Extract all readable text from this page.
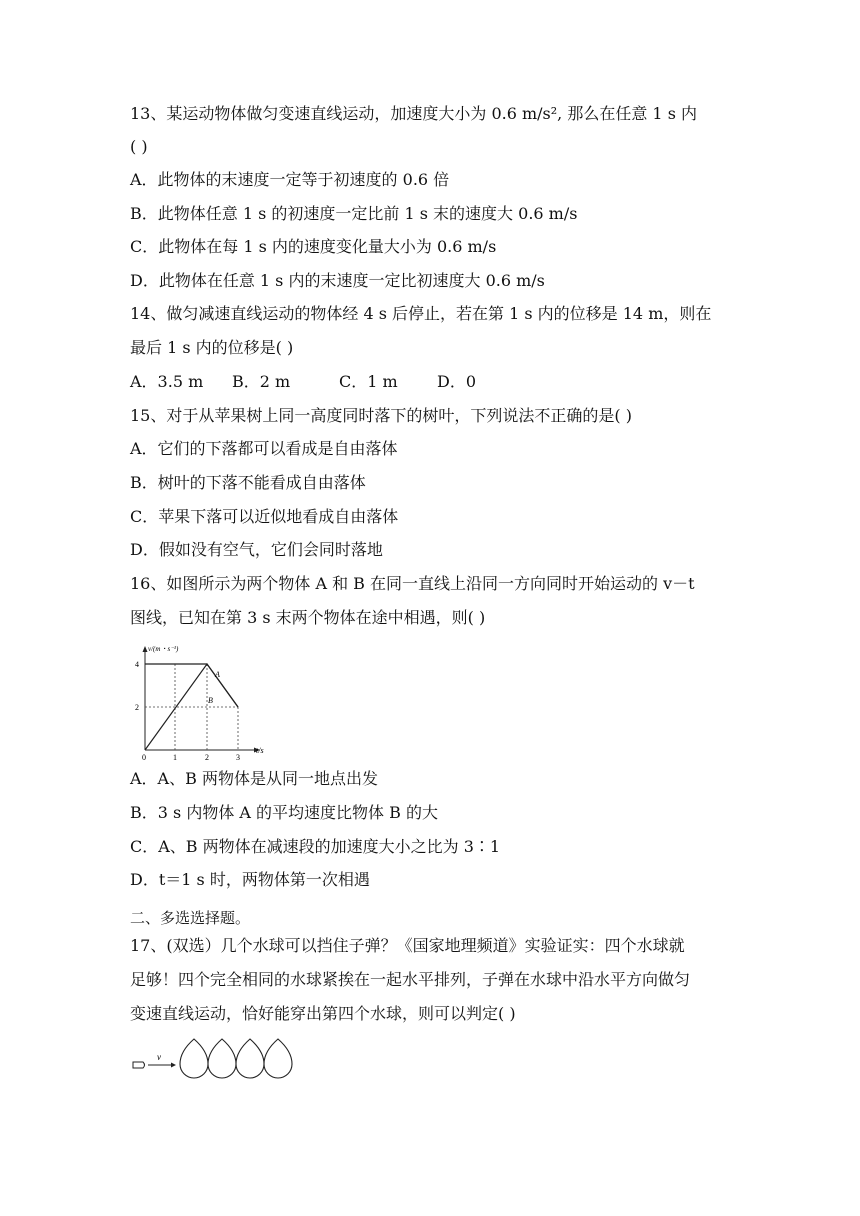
13、某运动物体做匀变速直线运动，加速度大小为 0.6 m/s², 那么在任意 1 s 内
( )
A．此物体的末速度一定等于初速度的 0.6 倍
B．此物体任意 1 s 的初速度一定比前 1 s 末的速度大 0.6 m/s
C．此物体在每 1 s 内的速度变化量大小为 0.6 m/s
D．此物体在任意 1 s 内的末速度一定比初速度大 0.6 m/s
14、做匀减速直线运动的物体经 4 s 后停止，若在第 1 s 内的位移是 14 m，则在
最后 1 s 内的位移是( )
A．3.5 m B．2 m	C．1 m D．0
15、对于从苹果树上同一高度同时落下的树叶，下列说法不正确的是( )
A．它们的下落都可以看成是自由落体
B．树叶的下落不能看成自由落体
C．苹果下落可以近似地看成自由落体
D．假如没有空气，它们会同时落地
16、如图所示为两个物体 A 和 B 在同一直线上沿同一方向同时开始运动的 v－t
图线，已知在第 3 s 末两个物体在途中相遇，则( )
v/(m・s⁻¹)
t/s
0	1	2	3
4
2
A
B
A．A、B 两物体是从同一地点出发
B．3 s 内物体 A 的平均速度比物体 B 的大
C．A、B 两物体在减速段的加速度大小之比为 3∶1
D．t＝1 s 时，两物体第一次相遇
二、多选选择题。
17、(双选）几个水球可以挡住子弹？《国家地理频道》实验证实：四个水球就
足够！四个完全相同的水球紧挨在一起水平排列，子弹在水球中沿水平方向做匀
变速直线运动，恰好能穿出第四个水球，则可以判定( )
v
